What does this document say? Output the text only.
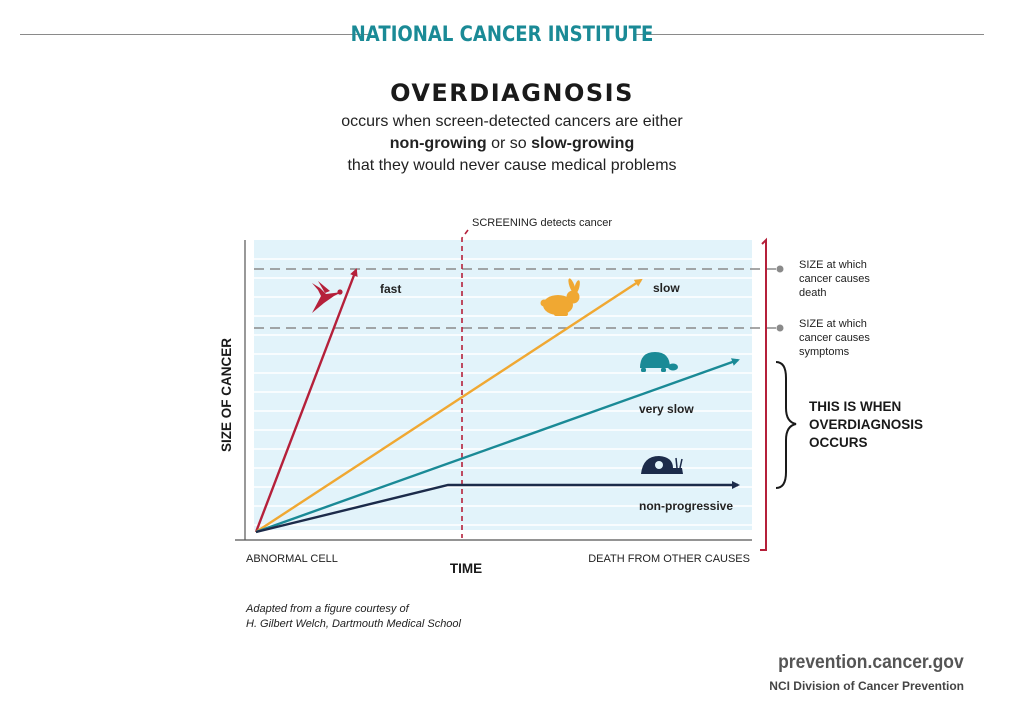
NATIONAL CANCER INSTITUTE
OVERDIAGNOSIS
occurs when screen-detected cancers are either
non-growing or so slow-growing
that they would never cause medical problems
SCREENING detects cancer
fast	slow
very slow
non-progressive
SIZE at which cancer causes death
SIZE at which cancer causes symptoms
THIS IS WHEN OVERDIAGNOSIS OCCURS
SIZE OF CANCER
ABNORMAL CELL	DEATH FROM OTHER CAUSES
TIME
Adapted from a figure courtesy of
H. Gilbert Welch, Dartmouth Medical School
prevention.cancer.gov
NCI Division of Cancer Prevention
